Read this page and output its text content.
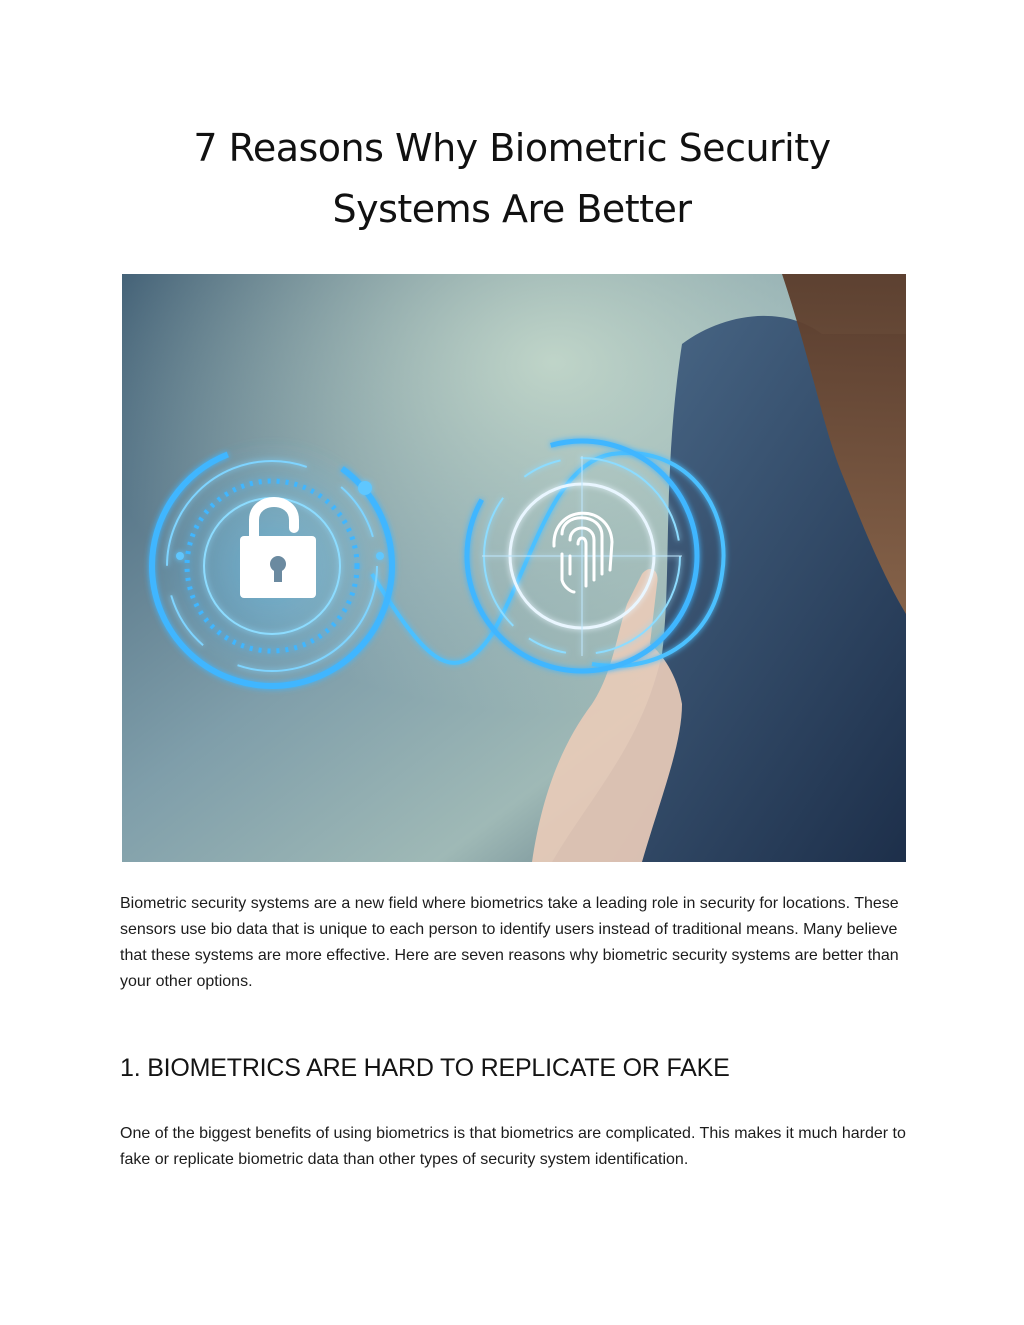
7 Reasons Why Biometric Security
Systems Are Better

Biometric security systems are a new field where biometrics take a leading role in security for locations. These sensors use bio data that is unique to each person to identify users instead of traditional means. Many believe that these systems are more effective. Here are seven reasons why biometric security systems are better than your other options.

1. BIOMETRICS ARE HARD TO REPLICATE OR FAKE

One of the biggest benefits of using biometrics is that biometrics are complicated. This makes it much harder to fake or replicate biometric data than other types of security system identification.
